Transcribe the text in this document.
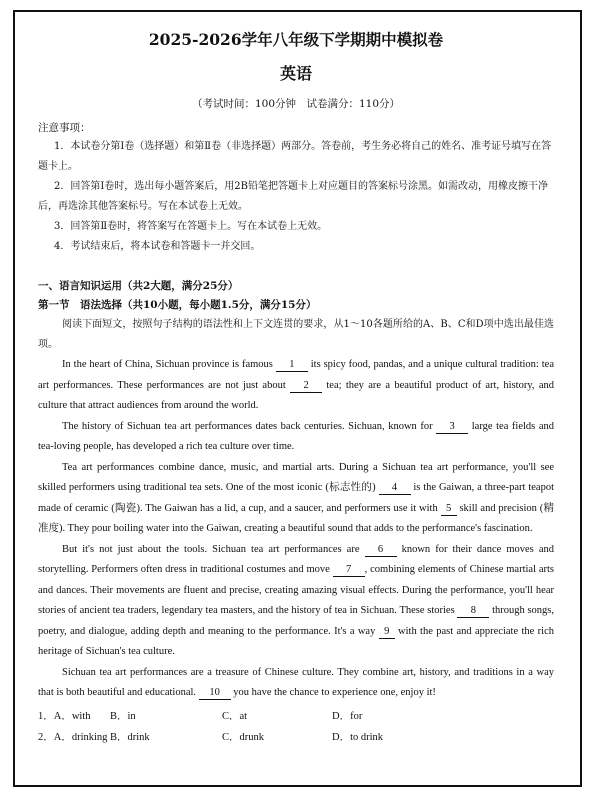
2025-2026学年八年级下学期期中模拟卷
英语
（考试时间：100分钟　试卷满分：110分）
注意事项：

1．本试卷分第Ⅰ卷（选择题）和第Ⅱ卷（非选择题）两部分。答卷前，考生务必将自己的姓名、准考证号填写在答题卡上。

2．回答第Ⅰ卷时，选出每小题答案后，用2B铅笔把答题卡上对应题目的答案标号涂黑。如需改动，用橡皮擦干净后，再选涂其他答案标号。写在本试卷上无效。

3．回答第Ⅱ卷时，将答案写在答题卡上。写在本试卷上无效。

4．考试结束后，将本试卷和答题卡一并交回。

一、语言知识运用（共2大题，满分25分）
第一节　语法选择（共10小题，每小题1.5分，满分15分）

阅读下面短文，按照句子结构的语法性和上下文连贯的要求，从1～10各题所给的A、B、C和D项中选出最佳选项。

In the heart of China, Sichuan province is famous 1 its spicy food, pandas, and a unique cultural tradition: tea art performances. These performances are not just about 2 tea; they are a beautiful product of art, history, and culture that attract audiences from around the world.

The history of Sichuan tea art performances dates back centuries. Sichuan, known for 3 large tea fields and tea-loving people, has developed a rich tea culture over time.

Tea art performances combine dance, music, and martial arts. During a Sichuan tea art performance, you'll see skilled performers using traditional tea sets. One of the most iconic (标志性的) 4 is the Gaiwan, a three-part teapot made of ceramic (陶瓷). The Gaiwan has a lid, a cup, and a saucer, and performers use it with 5 skill and precision (精准度). They pour boiling water into the Gaiwan, creating a beautiful sound that adds to the performance's fascination.

But it's not just about the tools. Sichuan tea art performances are 6 known for their dance moves and storytelling. Performers often dress in traditional costumes and move 7 , combining elements of Chinese martial arts and dances. Their movements are fluent and precise, creating amazing visual effects. During the performance, you'll hear stories of ancient tea traders, legendary tea masters, and the history of tea in Sichuan. These stories 8 through songs, poetry, and dialogue, adding depth and meaning to the performance. It's a way 9 with the past and appreciate the rich heritage of Sichuan's tea culture.

Sichuan tea art performances are a treasure of Chinese culture. They combine art, history, and traditions in a way that is both beautiful and educational. 10 you have the chance to experience one, enjoy it!

1．A．with	B．in	C．at	D．for
2．A．drinking B．drink	C．drunk	D．to drink
